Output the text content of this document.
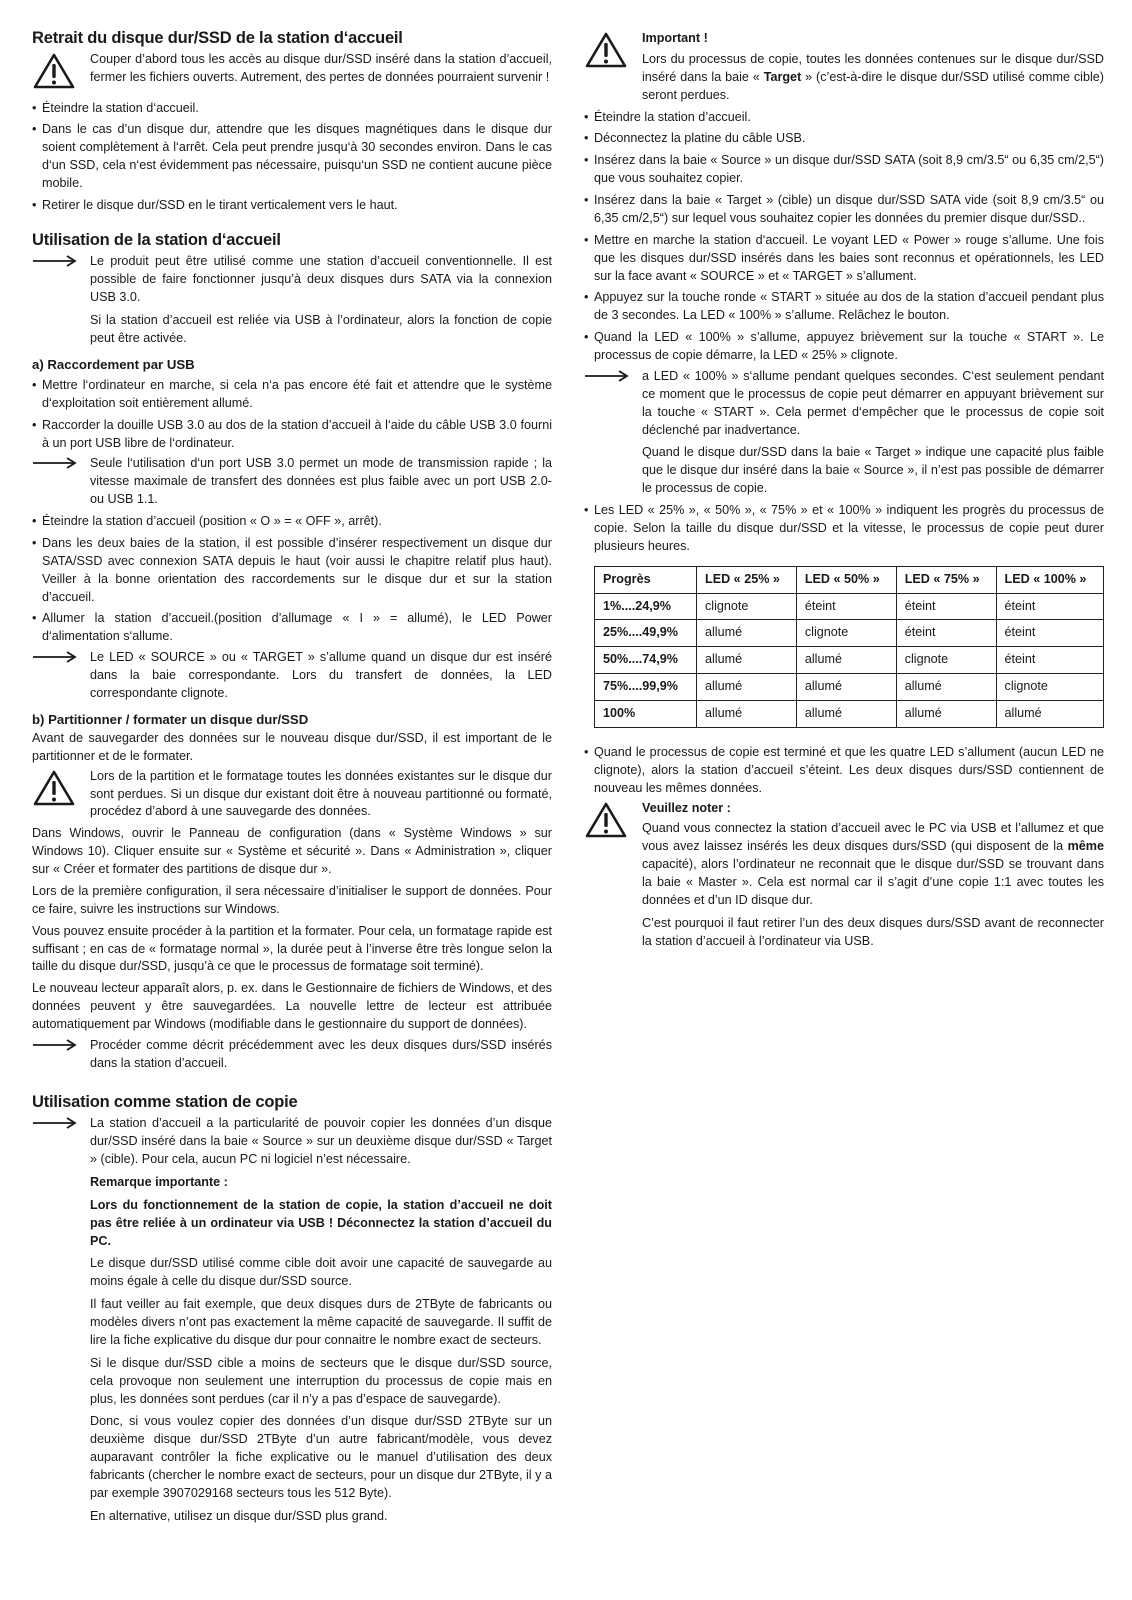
Retrait du disque dur/SSD de la station d‘accueil

Couper d’abord tous les accès au disque dur/SSD inséré dans la station d’accueil, fermer les fichiers ouverts. Autrement, des pertes de données pourraient survenir !

• Éteindre la station d‘accueil.
• Dans le cas d’un disque dur, attendre que les disques magnétiques dans le disque dur soient complètement à l‘arrêt. Cela peut prendre jusqu‘à 30 secondes environ. Dans le cas d‘un SSD, cela n‘est évidemment pas nécessaire, puisqu‘un SSD ne contient aucune pièce mobile.
• Retirer le disque dur/SSD en le tirant verticalement vers le haut.
Utilisation de la station d‘accueil

Le produit peut être utilisé comme une station d’accueil conventionnelle. Il est possible de faire fonctionner jusqu’à deux disques durs SATA via la connexion USB 3.0.

Si la station d’accueil est reliée via USB à l’ordinateur, alors la fonction de copie peut être activée.

a) Raccordement par USB
• Mettre l‘ordinateur en marche, si cela n‘a pas encore été fait et attendre que le système d‘exploitation soit entièrement allumé.
• Raccorder la douille USB 3.0 au dos de la station d’accueil à l‘aide du câble USB 3.0 fourni à un port USB libre de l‘ordinateur.

Seule l‘utilisation d‘un port USB 3.0 permet un mode de transmission rapide ; la vitesse maximale de transfert des données est plus faible avec un port USB 2.0- ou USB 1.1.

• Éteindre la station d’accueil (position « O » = « OFF », arrêt).
• Dans les deux baies de la station, il est possible d’insérer respectivement un disque dur SATA/SSD avec connexion SATA depuis le haut (voir aussi le chapitre relatif plus haut). Veiller à la bonne orientation des raccordements sur le disque dur et sur la station d’accueil.
• Allumer la station d’accueil.(position d’allumage « I » = allumé), le LED Power d‘alimentation s‘allume.

Le LED « SOURCE » ou « TARGET » s’allume quand un disque dur est inséré dans la baie correspondante. Lors du transfert de données, la LED correspondante clignote.

b) Partitionner / formater un disque dur/SSD

Avant de sauvegarder des données sur le nouveau disque dur/SSD, il est important de le partitionner et de le formater.

Lors de la partition et le formatage toutes les données existantes sur le disque dur sont perdues. Si un disque dur existant doit être à nouveau partitionné ou formaté, procédez d’abord à une sauvegarde des données.

Dans Windows, ouvrir le Panneau de configuration (dans « Système Windows » sur Windows 10). Cliquer ensuite sur « Système et sécurité ». Dans « Administration », cliquer sur « Créer et formater des partitions de disque dur ».

Lors de la première configuration, il sera nécessaire d’initialiser le support de données. Pour ce faire, suivre les instructions sur Windows.

Vous pouvez ensuite procéder à la partition et la formater. Pour cela, un formatage rapide est suffisant ; en cas de « formatage normal », la durée peut à l’inverse être très longue selon la taille du disque dur/SSD, jusqu’à ce que le processus de formatage soit terminé).

Le nouveau lecteur apparaît alors, p. ex. dans le Gestionnaire de fichiers de Windows, et des données peuvent y être sauvegardées. La nouvelle lettre de lecteur est attribuée automatiquement par Windows (modifiable dans le gestionnaire du support de données).

Procéder comme décrit précédemment avec les deux disques durs/SSD insérés dans la station d’accueil.

Utilisation comme station de copie

La station d’accueil a la particularité de pouvoir copier les données d’un disque dur/SSD inséré dans la baie « Source » sur un deuxième disque dur/SSD « Target » (cible). Pour cela, aucun PC ni logiciel n’est nécessaire.

Remarque importante :

Lors du fonctionnement de la station de copie, la station d’accueil ne doit pas être reliée à un ordinateur via USB ! Déconnectez la station d’accueil du PC.

Le disque dur/SSD utilisé comme cible doit avoir une capacité de sauvegarde au moins égale à celle du disque dur/SSD source.

Il faut veiller au fait exemple, que deux disques durs de 2TByte de fabricants ou modèles divers n’ont pas exactement la même capacité de sauvegarde. Il suffit de lire la fiche explicative du disque dur pour connaitre le nombre exact de secteurs.

Si le disque dur/SSD cible a moins de secteurs que le disque dur/SSD source, cela provoque non seulement une interruption du processus de copie mais en plus, les données sont perdues (car il n’y a pas d’espace de sauvegarde).

Donc, si vous voulez copier des données d’un disque dur/SSD 2TByte sur un deuxième disque dur/SSD 2TByte d’un autre fabricant/modèle, vous devez auparavant contrôler la fiche explicative ou le manuel d’utilisation des deux fabricants (chercher le nombre exact de secteurs, pour un disque dur 2TByte, il y a par exemple 3907029168 secteurs tous les 512 Byte).

En alternative, utilisez un disque dur/SSD plus grand.

Important !

Lors du processus de copie, toutes les données contenues sur le disque dur/SSD inséré dans la baie « Target » (c’est-à-dire le disque dur/SSD utilisé comme cible) seront perdues.

• Éteindre la station d’accueil.
• Déconnectez la platine du câble USB.
• Insérez dans la baie « Source » un disque dur/SSD SATA (soit 8,9 cm/3.5“ ou 6,35 cm/2,5“) que vous souhaitez copier.
• Insérez dans la baie « Target » (cible) un disque dur/SSD SATA vide (soit 8,9 cm/3.5“ ou 6,35 cm/2,5“) sur lequel vous souhaitez copier les données du premier disque dur/SSD..
• Mettre en marche la station d‘accueil. Le voyant LED « Power » rouge s’allume. Une fois que les disques dur/SSD insérés dans les baies sont reconnus et opérationnels, les LED sur la face avant « SOURCE » et « TARGET » s’allument.
• Appuyez sur la touche ronde « START » située au dos de la station d’accueil pendant plus de 3 secondes. La LED « 100% » s’allume. Relâchez le bouton.
• Quand la LED « 100% » s’allume, appuyez brièvement sur la touche « START ». Le processus de copie démarre, la LED « 25% » clignote.

a LED « 100% » s‘allume pendant quelques secondes. C‘est seulement pendant ce moment que le processus de copie peut démarrer en appuyant brièvement sur la touche « START ». Cela permet d‘empêcher que le processus de copie soit déclenché par inadvertance.

Quand le disque dur/SSD dans la baie « Target » indique une capacité plus faible que le disque dur inséré dans la baie « Source », il n’est pas possible de démarrer le processus de copie.

• Les LED « 25% », « 50% », « 75% » et « 100% » indiquent les progrès du processus de copie. Selon la taille du disque dur/SSD et la vitesse, le processus de copie peut durer plusieurs heures.
Progrès	LED « 25% »	LED « 50% »	LED « 75% »	LED « 100% »
1%....24,9%	clignote	éteint	éteint	éteint
25%....49,9%	allumé	clignote	éteint	éteint
50%....74,9%	allumé	allumé	clignote	éteint
75%....99,9%	allumé	allumé	allumé	clignote
100%	allumé	allumé	allumé	allumé
• Quand le processus de copie est terminé et que les quatre LED s’allument (aucun LED ne clignote), alors la station d’accueil s’éteint. Les deux disques durs/SSD contiennent de nouveau les mêmes données.

Veuillez noter :

Quand vous connectez la station d’accueil avec le PC via USB et l’allumez et que vous avez laissez insérés les deux disques durs/SSD (qui disposent de la même capacité), alors l’ordinateur ne reconnait que le disque dur/SSD se trouvant dans la baie « Master ». Cela est normal car il s’agit d’une copie 1:1 avec toutes les données et d’un ID disque dur.

C’est pourquoi il faut retirer l’un des deux disques durs/SSD avant de reconnecter la station d’accueil à l’ordinateur via USB.
